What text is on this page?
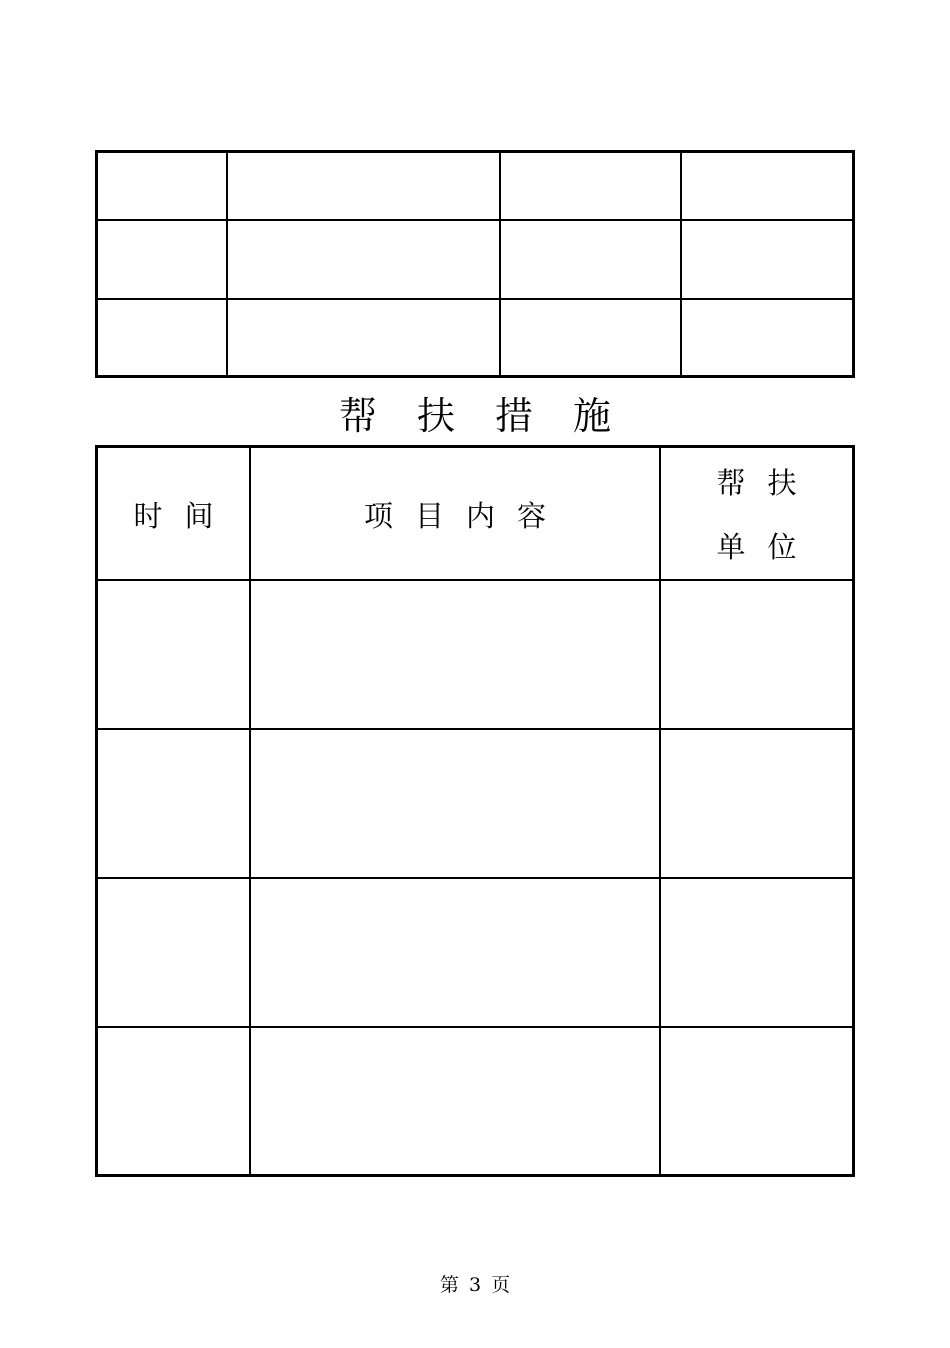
帮扶措施
时间	项目内容
帮扶
单位
第 3 页
